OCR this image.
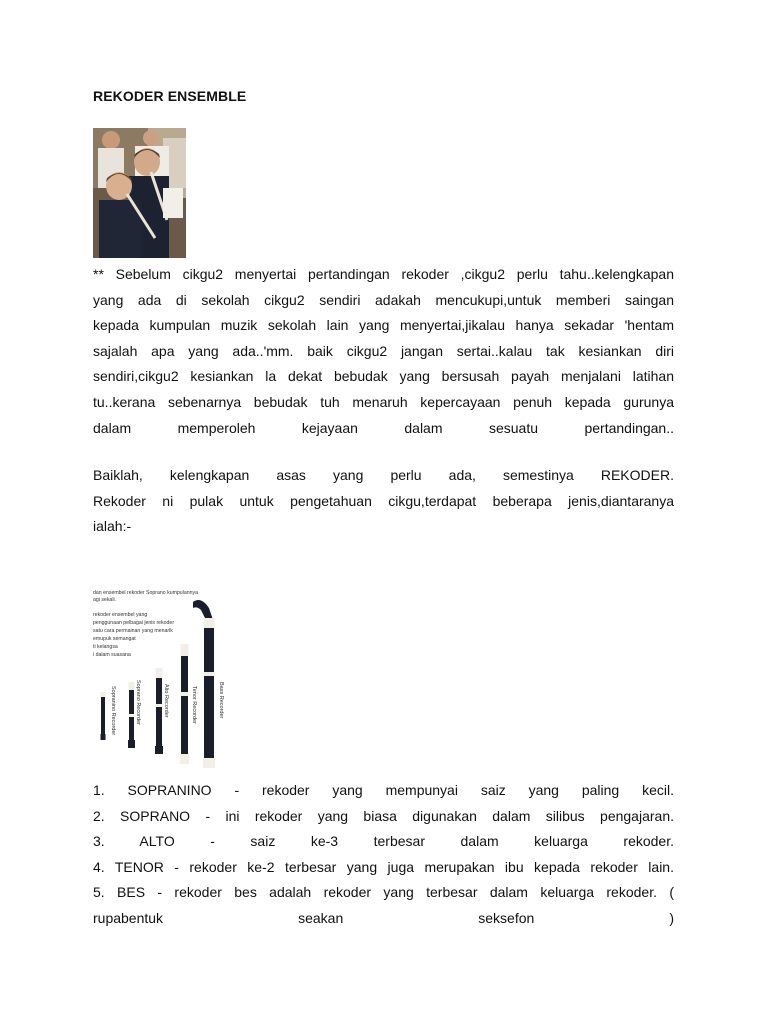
REKODER ENSEMBLE
** Sebelum cikgu2 menyertai pertandingan rekoder ,cikgu2 perlu tahu..kelengkapan
yang ada di sekolah cikgu2 sendiri adakah mencukupi,untuk memberi saingan
kepada kumpulan muzik sekolah lain yang menyertai,jikalau hanya sekadar 'hentam
sajalah apa yang ada..'mm. baik cikgu2 jangan sertai..kalau tak kesiankan diri
sendiri,cikgu2 kesiankan la dekat bebudak yang bersusah payah menjalani latihan
tu..kerana sebenarnya bebudak tuh menaruh kepercayaan penuh kepada gurunya
dalam memperoleh kejayaan dalam sesuatu pertandingan..
Baiklah, kelengkapan asas yang perlu ada, semestinya REKODER.
Rekoder ni pulak untuk pengetahuan cikgu,terdapat beberapa jenis,diantaranya
ialah:-
dan ensembel rekoder Soprano kumpulannya
agi sekali.
rekoder ensembel yang
penggunaan pelbagai jenis rekoder
satu cara permainan yang menarik
emupuk semangat
ti kelangsa
i dalam suasana
Sopranino Recorder	Soprano Recorder	Alto Recorder	Tenor Recorder	Bass Recorder
1. SOPRANINO - rekoder yang mempunyai saiz yang paling kecil.
2. SOPRANO - ini rekoder yang biasa digunakan dalam silibus pengajaran.
3. ALTO - saiz ke-3 terbesar dalam keluarga rekoder.
4. TENOR - rekoder ke-2 terbesar yang juga merupakan ibu kepada rekoder lain.
5. BES - rekoder bes adalah rekoder yang terbesar dalam keluarga rekoder. (
rupabentuk seakan seksefon )
